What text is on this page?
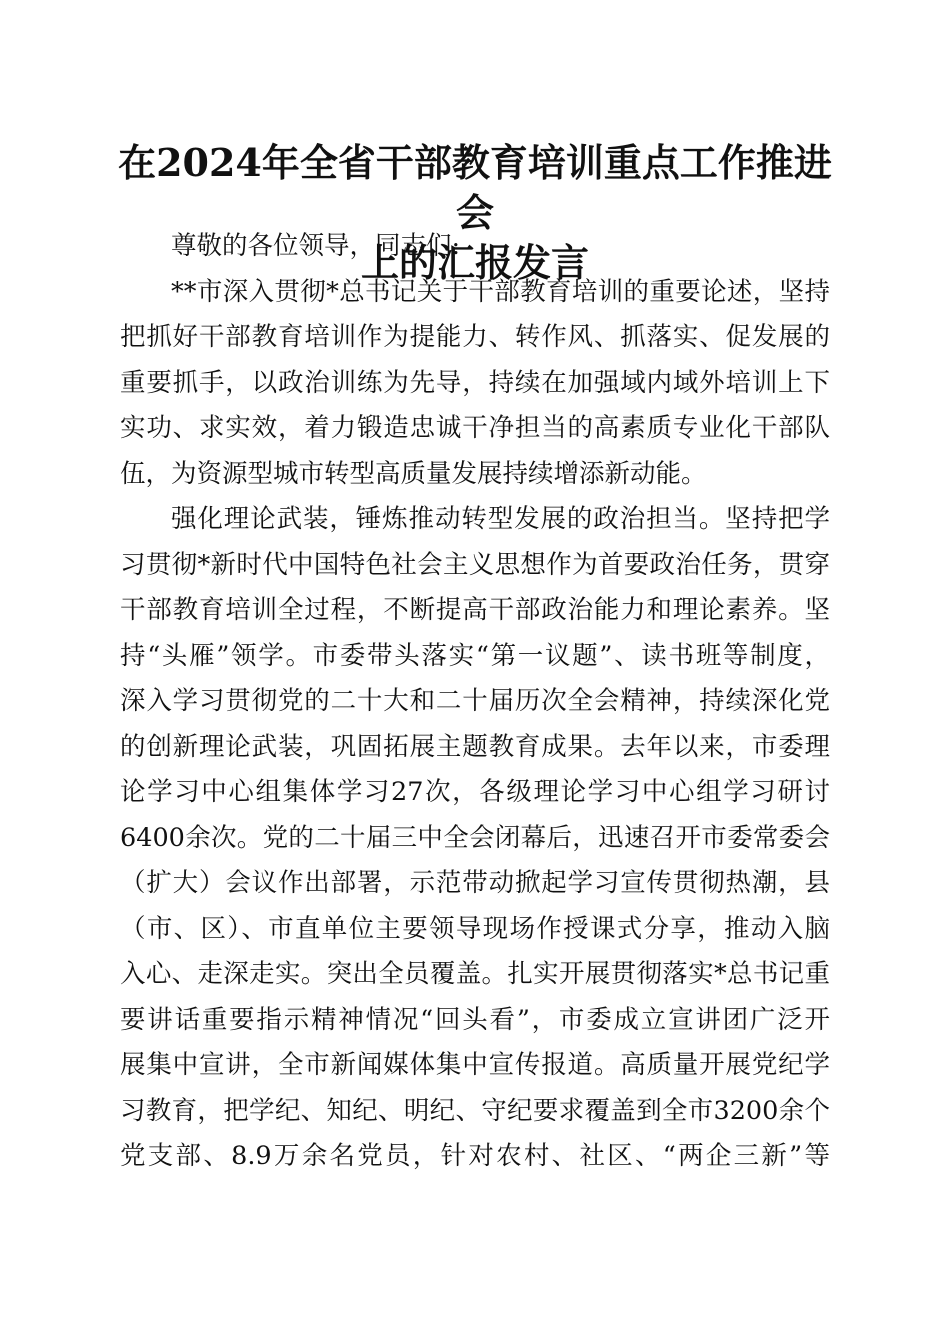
在2024年全省干部教育培训重点工作推进会
上的汇报发言
尊敬的各位领导，同志们:
**市深入贯彻*总书记关于干部教育培训的重要论述，坚持
把抓好干部教育培训作为提能力、转作风、抓落实、促发展的
重要抓手，以政治训练为先导，持续在加强域内域外培训上下
实功、求实效，着力锻造忠诚干净担当的高素质专业化干部队
伍，为资源型城市转型高质量发展持续增添新动能。
强化理论武装，锤炼推动转型发展的政治担当。坚持把学
习贯彻*新时代中国特色社会主义思想作为首要政治任务，贯穿
干部教育培训全过程，不断提高干部政治能力和理论素养。坚
持“头雁”领学。市委带头落实“第一议题”、读书班等制度，
深入学习贯彻党的二十大和二十届历次全会精神，持续深化党
的创新理论武装，巩固拓展主题教育成果。去年以来，市委理
论学习中心组集体学习27次，各级理论学习中心组学习研讨
6400余次。党的二十届三中全会闭幕后，迅速召开市委常委会
（扩大）会议作出部署，示范带动掀起学习宣传贯彻热潮，县
（市、区）、市直单位主要领导现场作授课式分享，推动入脑
入心、走深走实。突出全员覆盖。扎实开展贯彻落实*总书记重
要讲话重要指示精神情况“回头看”，市委成立宣讲团广泛开
展集中宣讲，全市新闻媒体集中宣传报道。高质量开展党纪学
习教育，把学纪、知纪、明纪、守纪要求覆盖到全市3200余个
党支部、8.9万余名党员，针对农村、社区、“两企三新”等
